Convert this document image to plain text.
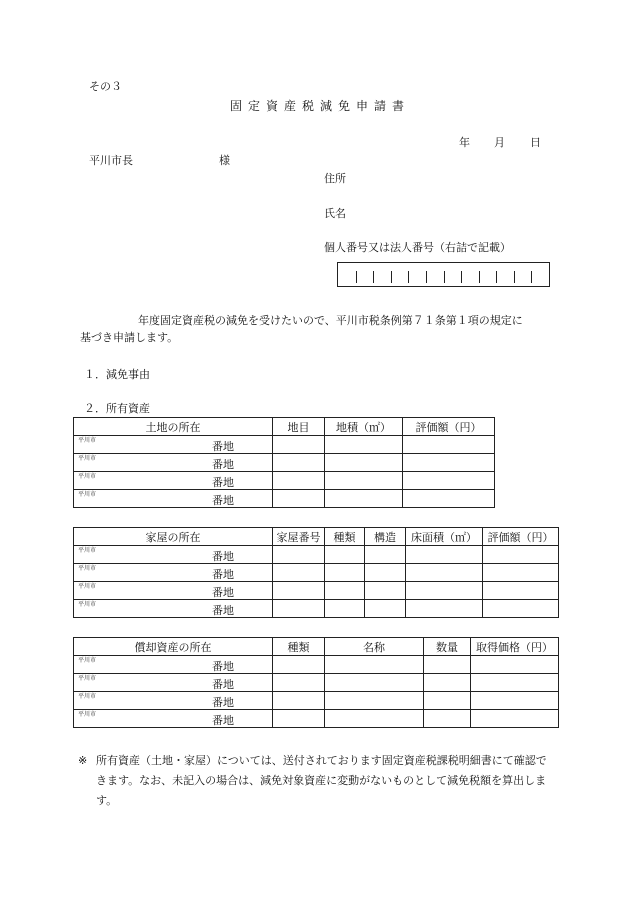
その３
固定資産税減免申請書
年 月 日
平川市長	様
住所
氏名
個人番号又は法人番号（右詰で記載）
年度固定資産税の減免を受けたいので、平川市税条例第７１条第１項の規定に
基づき申請します。
１．減免事由
２．所有資産
土地の所在	地目	地積（㎡）	評価額（円）

平川市 番地			

平川市 番地			

平川市 番地			

平川市 番地			

家屋の所在	家屋番号	種類	構造	床面積（㎡）	評価額（円）

平川市 番地					

平川市 番地					

平川市 番地					

平川市 番地					

償却資産の所在	種類	名称	数量	取得価格（円）

平川市 番地				

平川市 番地				

平川市 番地				

平川市 番地				

※ 所有資産（土地・家屋）については、送付されております固定資産税課税明細書にて確認できます。なお、未記入の場合は、減免対象資産に変動がないものとして減免税額を算出します。
